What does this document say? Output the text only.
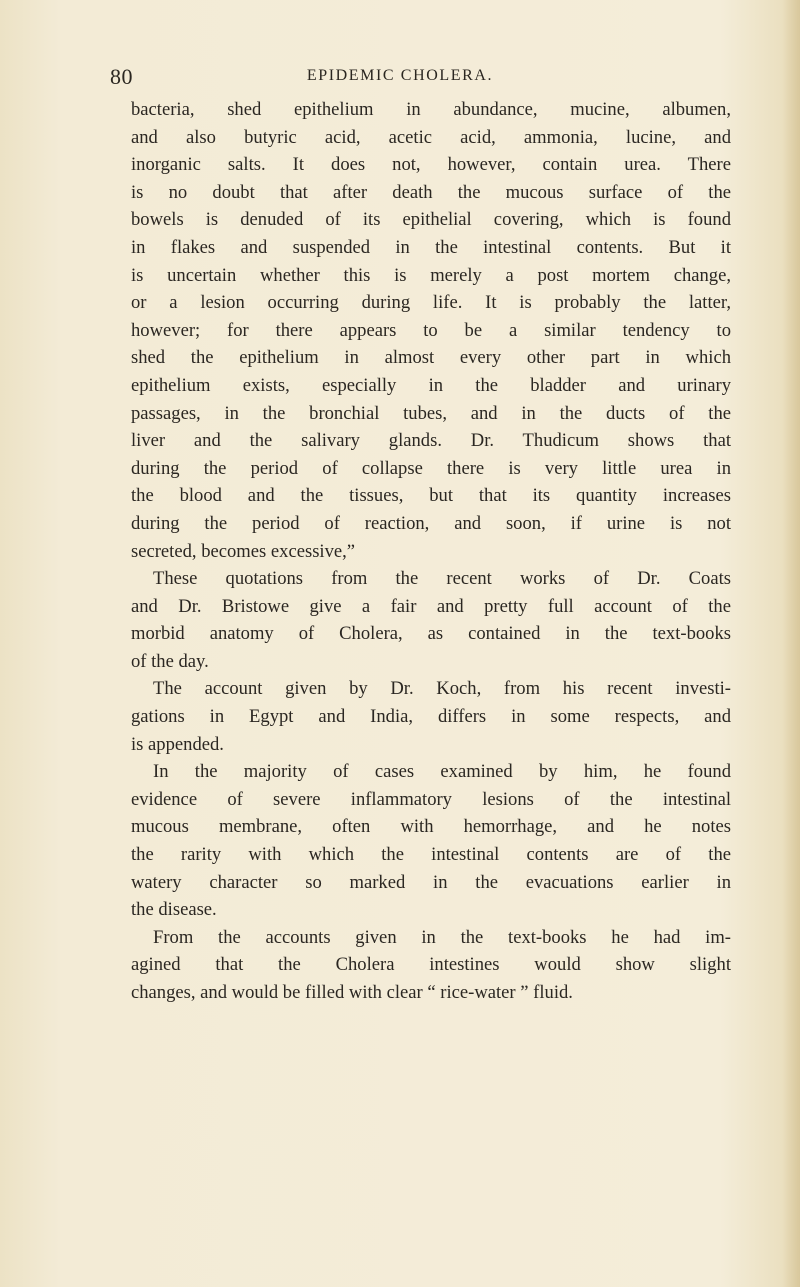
80	EPIDEMIC CHOLERA.
bacteria, shed epithelium in abundance, mucine, albumen,
and also butyric acid, acetic acid, ammonia, lucine, and
inorganic salts. It does not, however, contain urea. There
is no doubt that after death the mucous surface of the
bowels is denuded of its epithelial covering, which is found
in flakes and suspended in the intestinal contents. But it
is uncertain whether this is merely a post mortem change,
or a lesion occurring during life. It is probably the latter,
however; for there appears to be a similar tendency to
shed the epithelium in almost every other part in which
epithelium exists, especially in the bladder and urinary
passages, in the bronchial tubes, and in the ducts of the
liver and the salivary glands. Dr. Thudicum shows that
during the period of collapse there is very little urea in
the blood and the tissues, but that its quantity increases
during the period of reaction, and soon, if urine is not
secreted, becomes excessive,”
These quotations from the recent works of Dr. Coats
and Dr. Bristowe give a fair and pretty full account of the
morbid anatomy of Cholera, as contained in the text-books
of the day.
The account given by Dr. Koch, from his recent investi-
gations in Egypt and India, differs in some respects, and
is appended.
In the majority of cases examined by him, he found
evidence of severe inflammatory lesions of the intestinal
mucous membrane, often with hemorrhage, and he notes
the rarity with which the intestinal contents are of the
watery character so marked in the evacuations earlier in
the disease.
From the accounts given in the text-books he had im-
agined that the Cholera intestines would show slight
changes, and would be filled with clear “ rice-water ” fluid.
